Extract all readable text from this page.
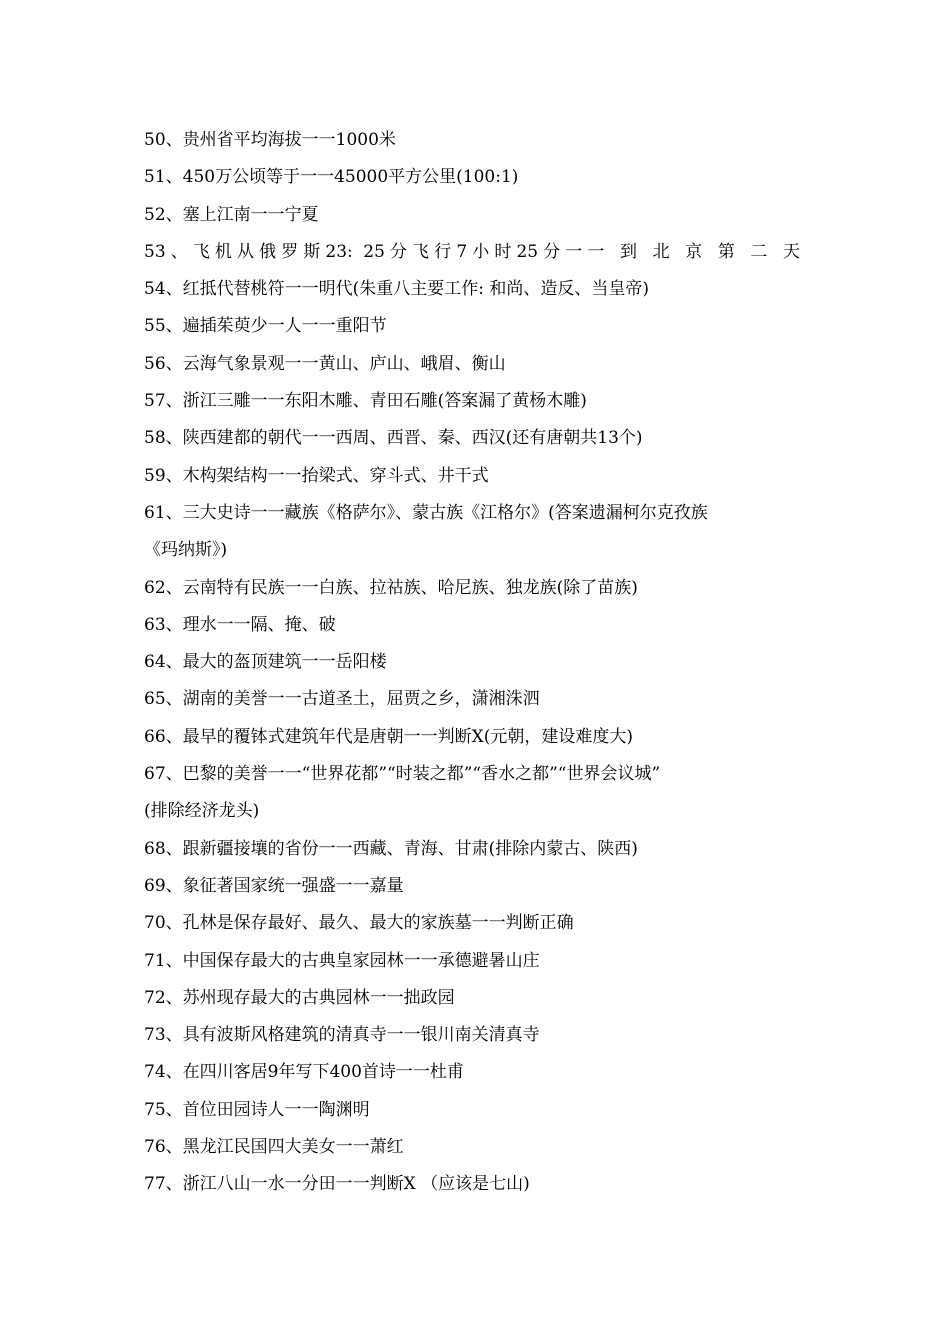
50、贵州省平均海拔一一1000米
51、450万公顷等于一一45000平方公里(100:1)
52、塞上江南一一宁夏
53、飞机从俄罗斯23: 25分飞行7小时25分一一 到 北 京 第 二 天
54、红抵代替桃符一一明代(朱重八主要工作: 和尚、造反、当皇帝)
55、遍插茱萸少一人一一重阳节
56、云海气象景观一一黄山、庐山、峨眉、衡山
57、浙江三雕一一东阳木雕、青田石雕(答案漏了黄杨木雕)
58、陕西建都的朝代一一西周、西晋、秦、西汉(还有唐朝共13个)
59、木构架结构一一抬梁式、穿斗式、井干式
61、三大史诗一一藏族《格萨尔》、蒙古族《江格尔》(答案遗漏柯尔克孜族
《玛纳斯》)
62、云南特有民族一一白族、拉祜族、哈尼族、独龙族(除了苗族)
63、理水一一隔、掩、破
64、最大的盔顶建筑一一岳阳楼
65、湖南的美誉一一古道圣土，屈贾之乡，潇湘洙泗
66、最早的覆钵式建筑年代是唐朝一一判断X(元朝，建设难度大)
67、巴黎的美誉一一“世界花都”“时装之都”“香水之都”“世界会议城”
(排除经济龙头)
68、跟新疆接壤的省份一一西藏、青海、甘肃(排除内蒙古、陕西)
69、象征著国家统一强盛一一嘉量
70、孔林是保存最好、最久、最大的家族墓一一判断正确
71、中国保存最大的古典皇家园林一一承德避暑山庄
72、苏州现存最大的古典园林一一拙政园
73、具有波斯风格建筑的清真寺一一银川南关清真寺
74、在四川客居9年写下400首诗一一杜甫
75、首位田园诗人一一陶渊明
76、黑龙江民国四大美女一一萧红
77、浙江八山一水一分田一一判断X （应该是七山)
